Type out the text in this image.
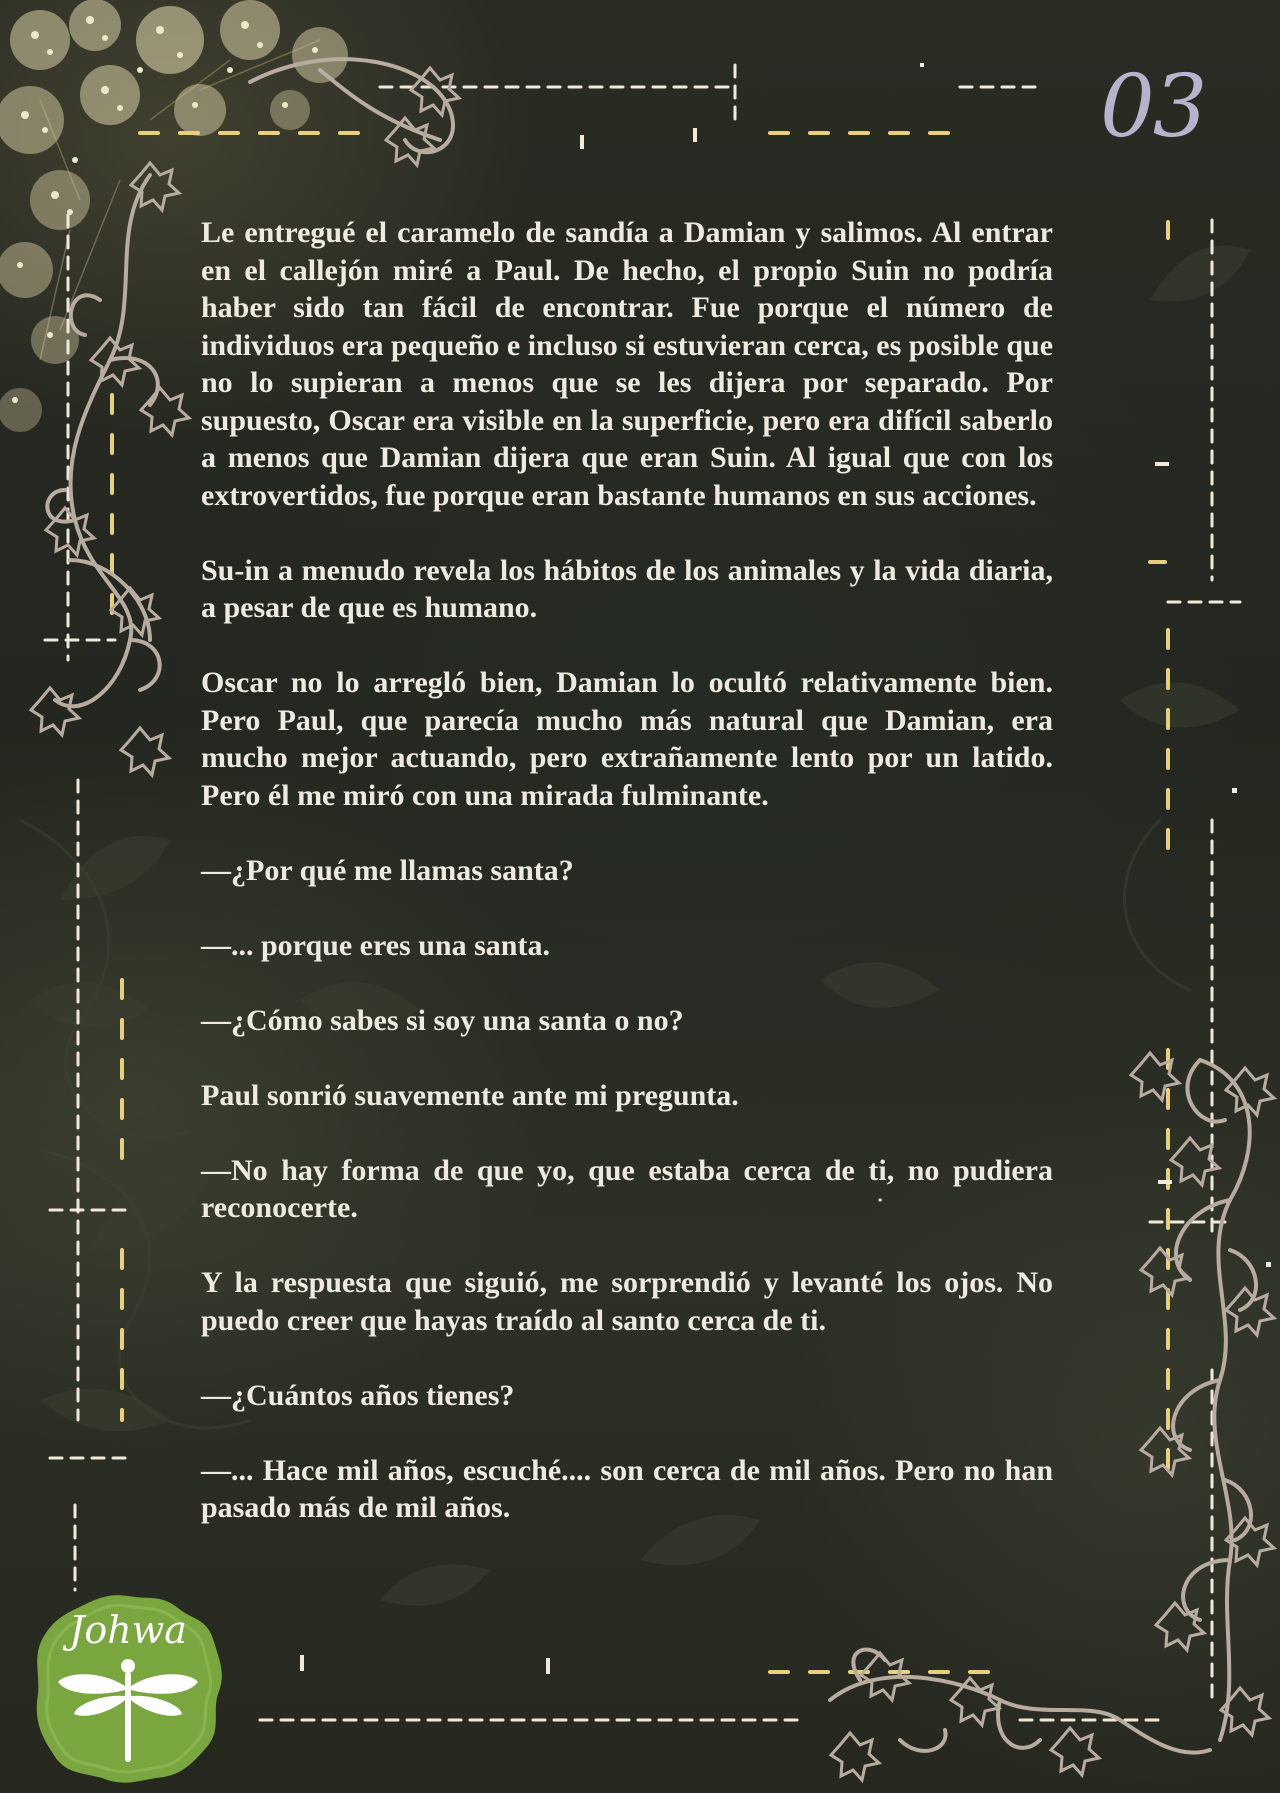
03

Le entregué el caramelo de sandía a Damian y salimos. Al entrar en el callejón miré a Paul. De hecho, el propio Suin no podría haber sido tan fácil de encontrar. Fue porque el número de individuos era pequeño e incluso si estuvieran cerca, es posible que no lo supieran a menos que se les dijera por separado. Por supuesto, Oscar era visible en la superficie, pero era difícil saberlo a menos que Damian dijera que eran Suin. Al igual que con los extrovertidos, fue porque eran bastante humanos en sus acciones.

Su-in a menudo revela los hábitos de los animales y la vida diaria, a pesar de que es humano.

Oscar no lo arregló bien, Damian lo ocultó relativamente bien. Pero Paul, que parecía mucho más natural que Damian, era mucho mejor actuando, pero extrañamente lento por un latido. Pero él me miró con una mirada fulminante.

—¿Por qué me llamas santa?

—... porque eres una santa.

—¿Cómo sabes si soy una santa o no?

Paul sonrió suavemente ante mi pregunta.

—No hay forma de que yo, que estaba cerca de ti, no pudiera reconocerte.

Y la respuesta que siguió, me sorprendió y levanté los ojos. No puedo creer que hayas traído al santo cerca de ti.

—¿Cuántos años tienes?

—... Hace mil años, escuché.... son cerca de mil años. Pero no han pasado más de mil años.

Johwa
